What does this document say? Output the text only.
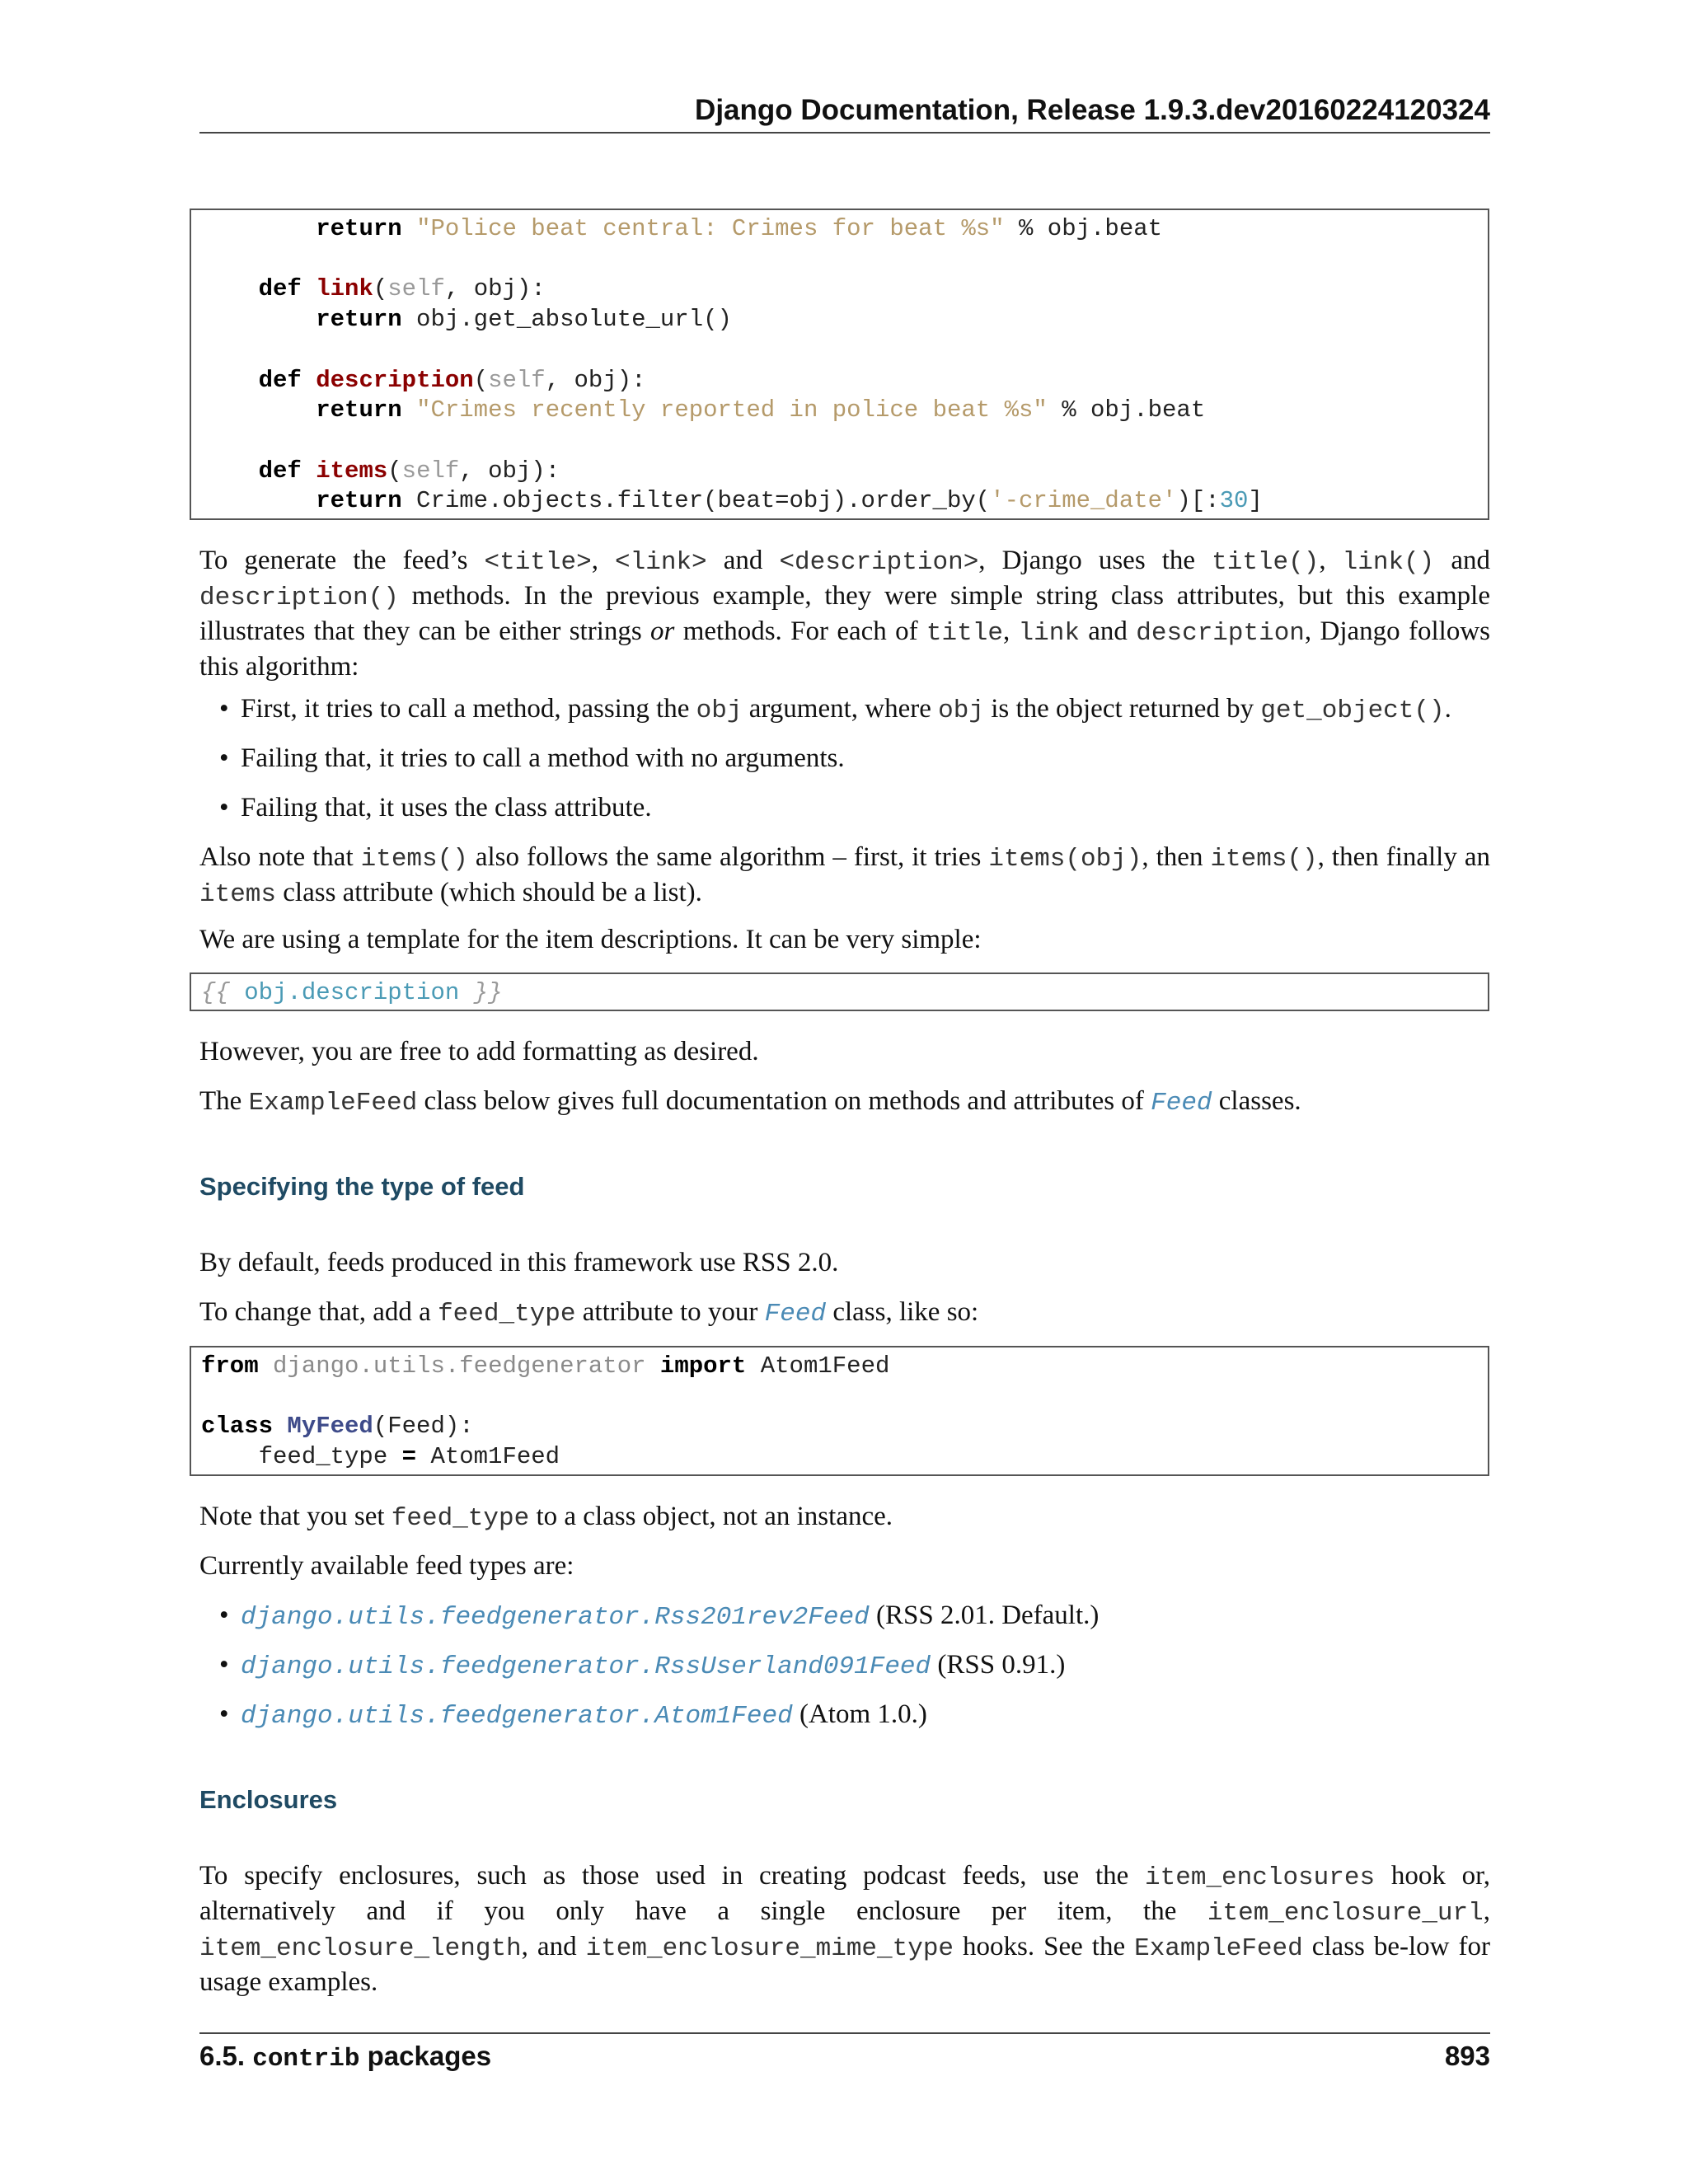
Django Documentation, Release 1.9.3.dev20160224120324
return "Police beat central: Crimes for beat %s" % obj.beat

def link(self, obj):
return obj.get_absolute_url()

def description(self, obj):
return "Crimes recently reported in police beat %s" % obj.beat

def items(self, obj):
return Crime.objects.filter(beat=obj).order_by('-crime_date')[:30]
To generate the feed’s <title>, <link> and <description>, Django uses the title(), link() and description() methods. In the previous example, they were simple string class attributes, but this example illustrates that they can be either strings or methods. For each of title, link and description, Django follows this algorithm:
• First, it tries to call a method, passing the obj argument, where obj is the object returned by get_object().
• Failing that, it tries to call a method with no arguments.
• Failing that, it uses the class attribute.
Also note that items() also follows the same algorithm – first, it tries items(obj), then items(), then finally an items class attribute (which should be a list).
We are using a template for the item descriptions. It can be very simple:
{{ obj.description }}
However, you are free to add formatting as desired.
The ExampleFeed class below gives full documentation on methods and attributes of Feed classes.
Specifying the type of feed
By default, feeds produced in this framework use RSS 2.0.
To change that, add a feed_type attribute to your Feed class, like so:
from django.utils.feedgenerator import Atom1Feed

class MyFeed(Feed):
feed_type = Atom1Feed
Note that you set feed_type to a class object, not an instance.
Currently available feed types are:
• django.utils.feedgenerator.Rss201rev2Feed (RSS 2.01. Default.)
• django.utils.feedgenerator.RssUserland091Feed (RSS 0.91.)
• django.utils.feedgenerator.Atom1Feed (Atom 1.0.)
Enclosures
To specify enclosures, such as those used in creating podcast feeds, use the item_enclosures hook or, alternatively and if you only have a single enclosure per item, the item_enclosure_url, item_enclosure_length, and item_enclosure_mime_type hooks. See the ExampleFeed class be-low for usage examples.
6.5. contrib packages	893
